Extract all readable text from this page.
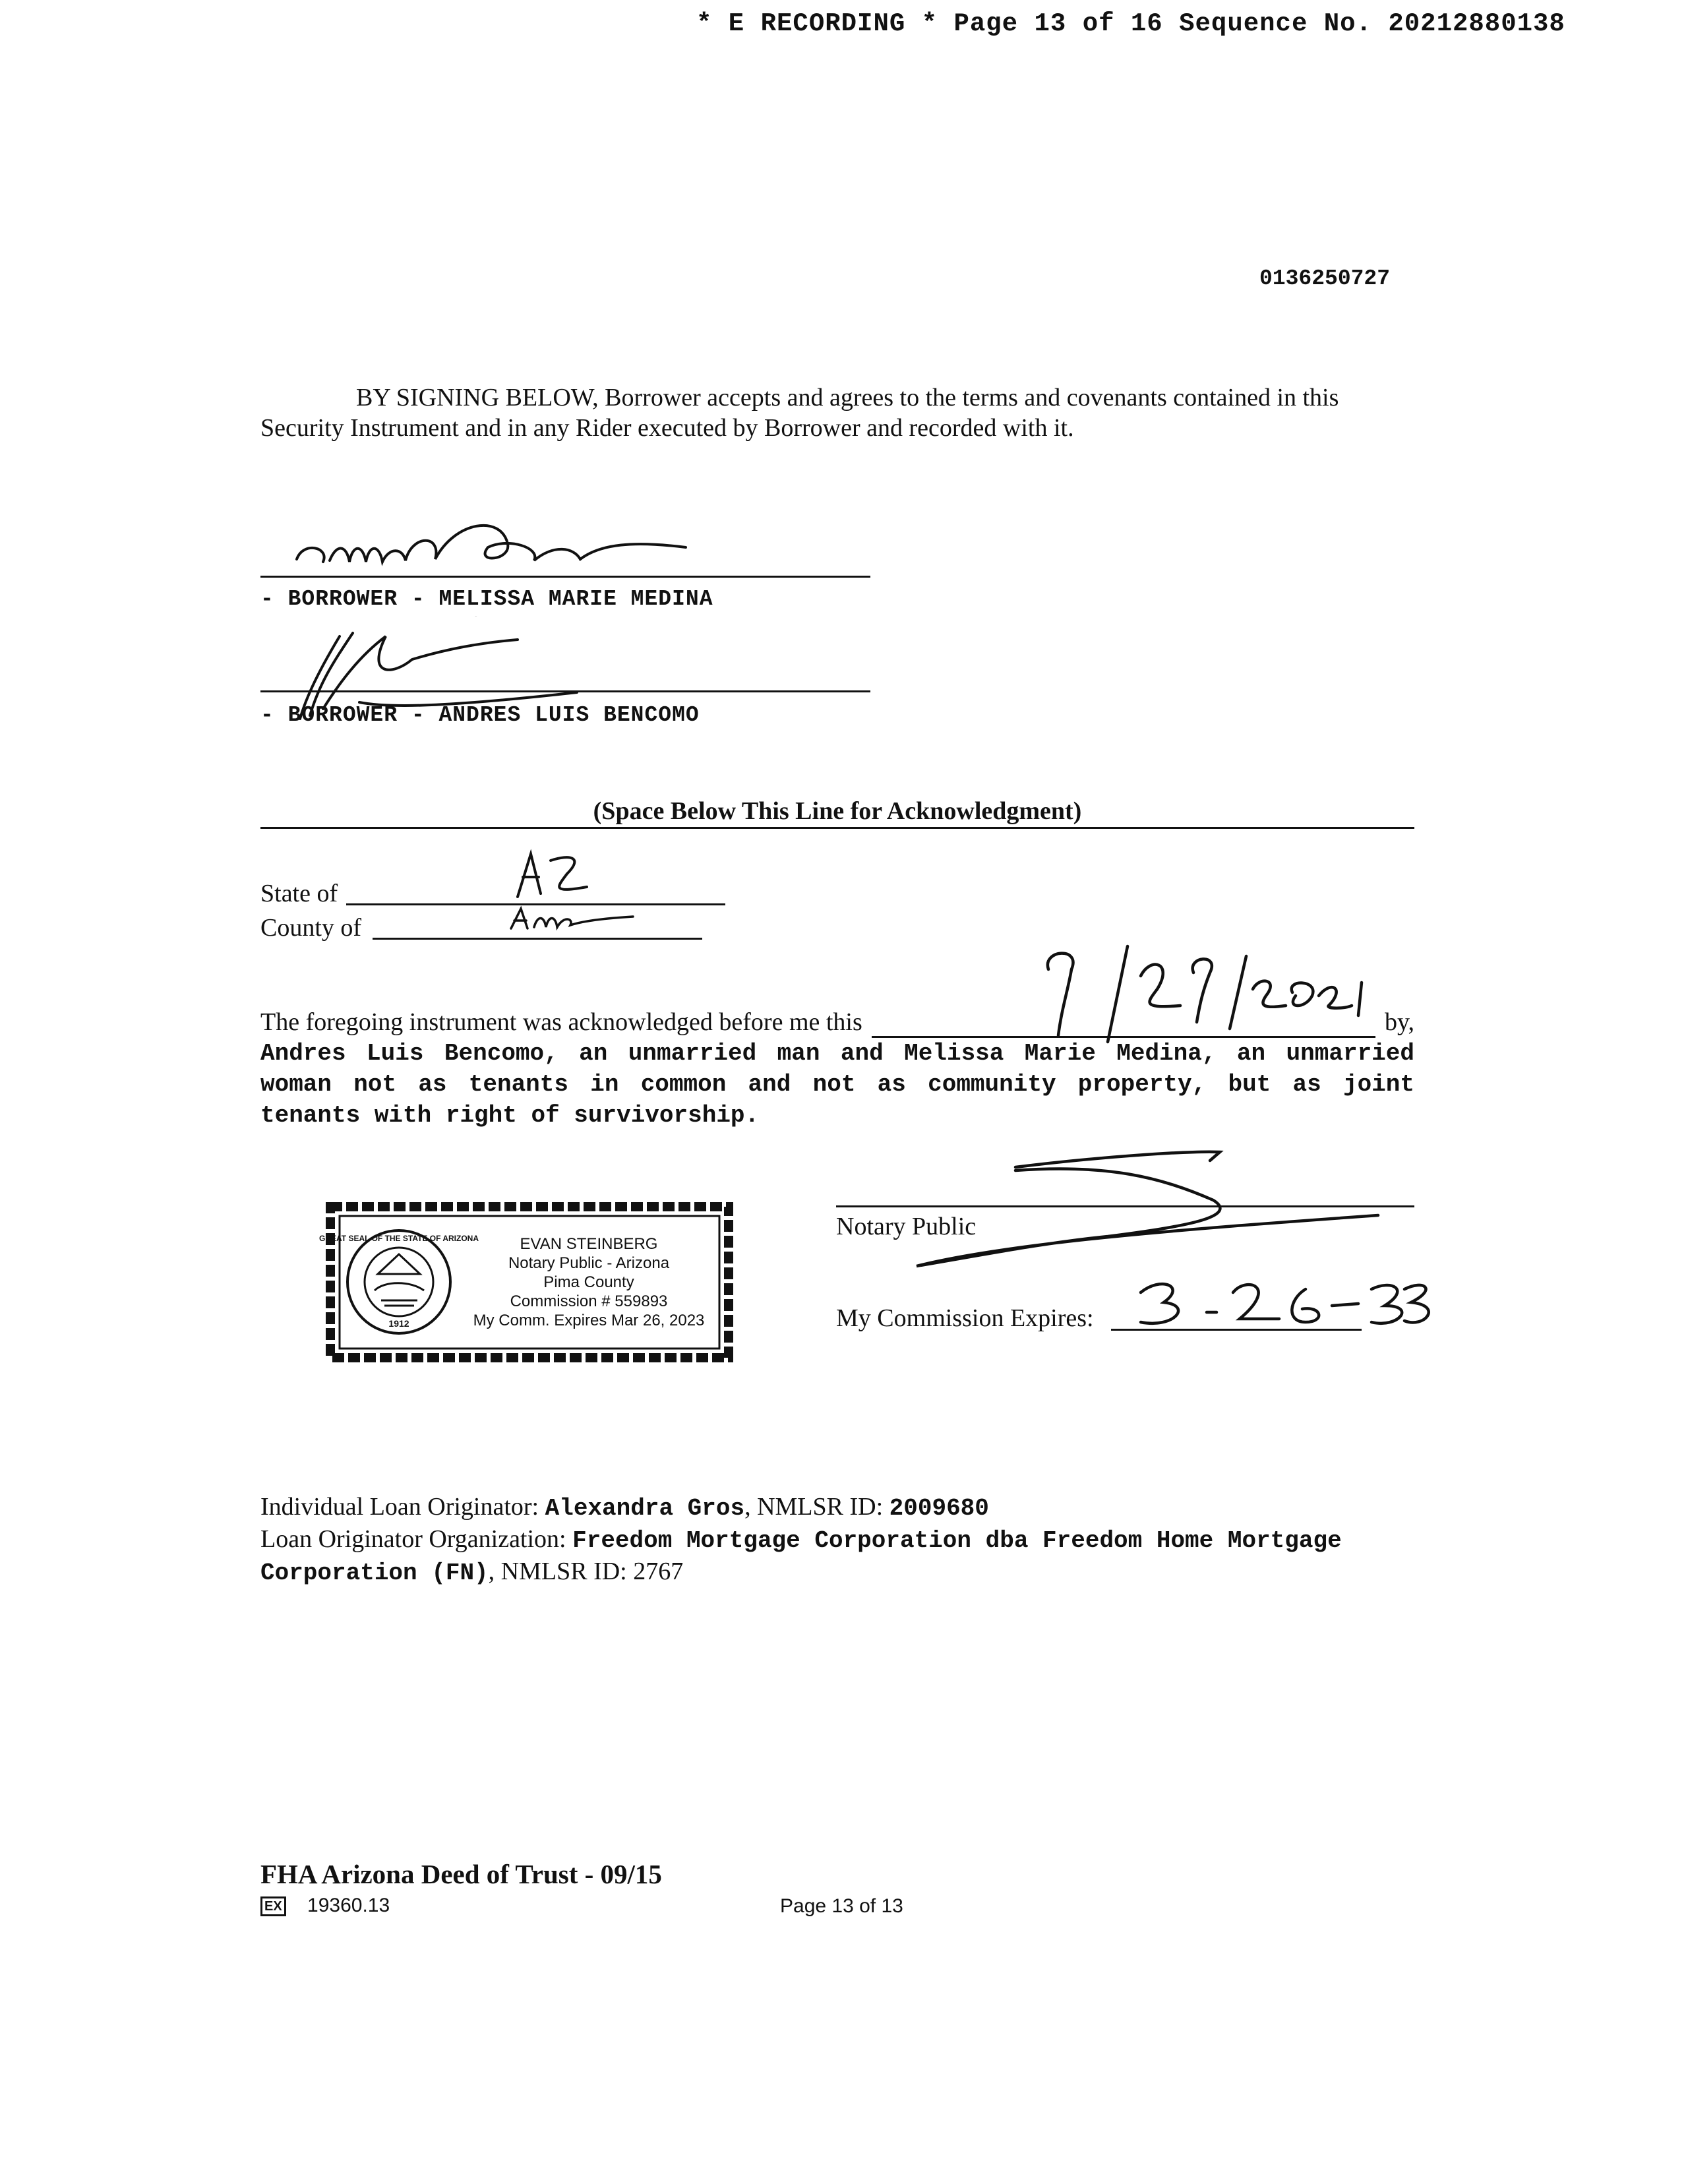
* E RECORDING * Page 13 of 16 Sequence No. 20212880138
0136250727
BY SIGNING BELOW, Borrower accepts and agrees to the terms and covenants contained in this Security Instrument and in any Rider executed by Borrower and recorded with it.
- BORROWER - MELISSA MARIE MEDINA
- BORROWER - ANDRES LUIS BENCOMO
(Space Below This Line for Acknowledgment)
State of
County of
The foregoing instrument was acknowledged before me this	by,
Andres Luis Bencomo, an unmarried man and Melissa Marie Medina, an unmarried woman not as tenants in common and not as community property, but as joint tenants with right of survivorship.
GREAT SEAL OF THE STATE OF ARIZONA
1912
EVAN STEINBERG
Notary Public - Arizona
Pima County
Commission # 559893
My Comm. Expires Mar 26, 2023
Notary Public
My Commission Expires:
3-26-23
Individual Loan Originator: Alexandra Gros, NMLSR ID: 2009680
Loan Originator Organization: Freedom Mortgage Corporation dba Freedom Home Mortgage Corporation (FN), NMLSR ID: 2767
FHA Arizona Deed of Trust - 09/15
EX 19360.13	Page 13 of 13
